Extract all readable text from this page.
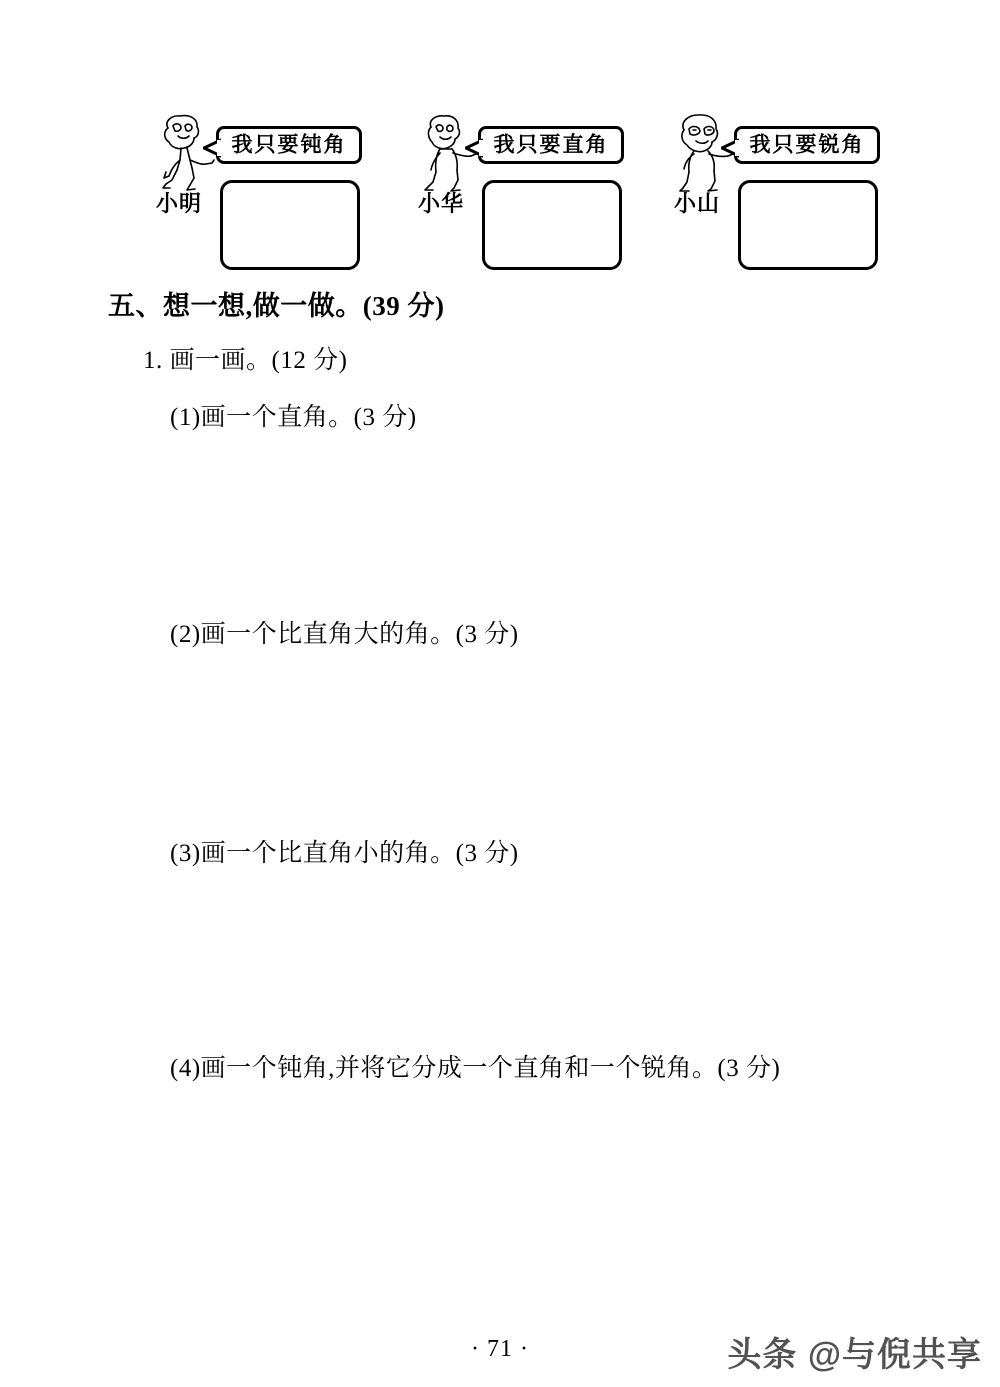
小明
我只要钝角
小华
我只要直角
小山
我只要锐角
五、想一想,做一做。(39 分)
1. 画一画。(12 分)
(1)画一个直角。(3 分)
(2)画一个比直角大的角。(3 分)
(3)画一个比直角小的角。(3 分)
(4)画一个钝角,并将它分成一个直角和一个锐角。(3 分)
· 71 ·	头条 @与倪共享
